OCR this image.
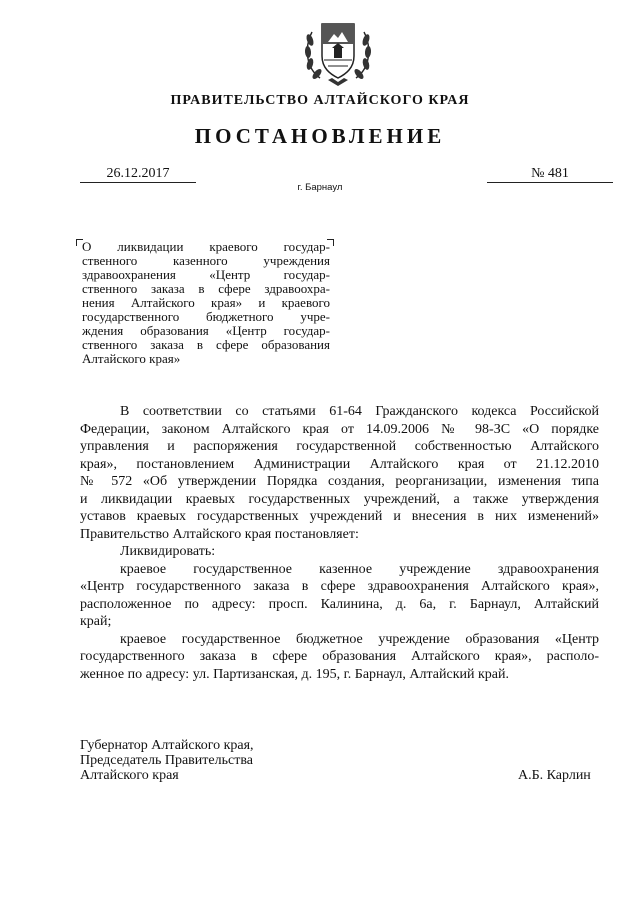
ПРАВИТЕЛЬСТВО АЛТАЙСКОГО КРАЯ
ПОСТАНОВЛЕНИЕ
26.12.2017	№ 481
г. Барнаул
О ликвидации краевого государ-
ственного казенного учреждения
здравоохранения «Центр государ-
ственного заказа в сфере здравоохра-
нения Алтайского края» и краевого
государственного бюджетного учре-
ждения образования «Центр государ-
ственного заказа в сфере образования
Алтайского края»
В соответствии со статьями 61-64 Гражданского кодекса Российской
Федерации, законом Алтайского края от 14.09.2006 № 98-ЗС «О порядке
управления и распоряжения государственной собственностью Алтайского
края», постановлением Администрации Алтайского края от 21.12.2010
№ 572 «Об утверждении Порядка создания, реорганизации, изменения типа
и ликвидации краевых государственных учреждений, а также утверждения
уставов краевых государственных учреждений и внесения в них изменений»
Правительство Алтайского края постановляет:
Ликвидировать:
краевое государственное казенное учреждение здравоохранения
«Центр государственного заказа в сфере здравоохранения Алтайского края»,
расположенное по адресу: просп. Калинина, д. 6а, г. Барнаул, Алтайский
край;
краевое государственное бюджетное учреждение образования «Центр
государственного заказа в сфере образования Алтайского края», располо-
женное по адресу: ул. Партизанская, д. 195, г. Барнаул, Алтайский край.
Губернатор Алтайского края,
Председатель Правительства
Алтайского края	А.Б. Карлин
